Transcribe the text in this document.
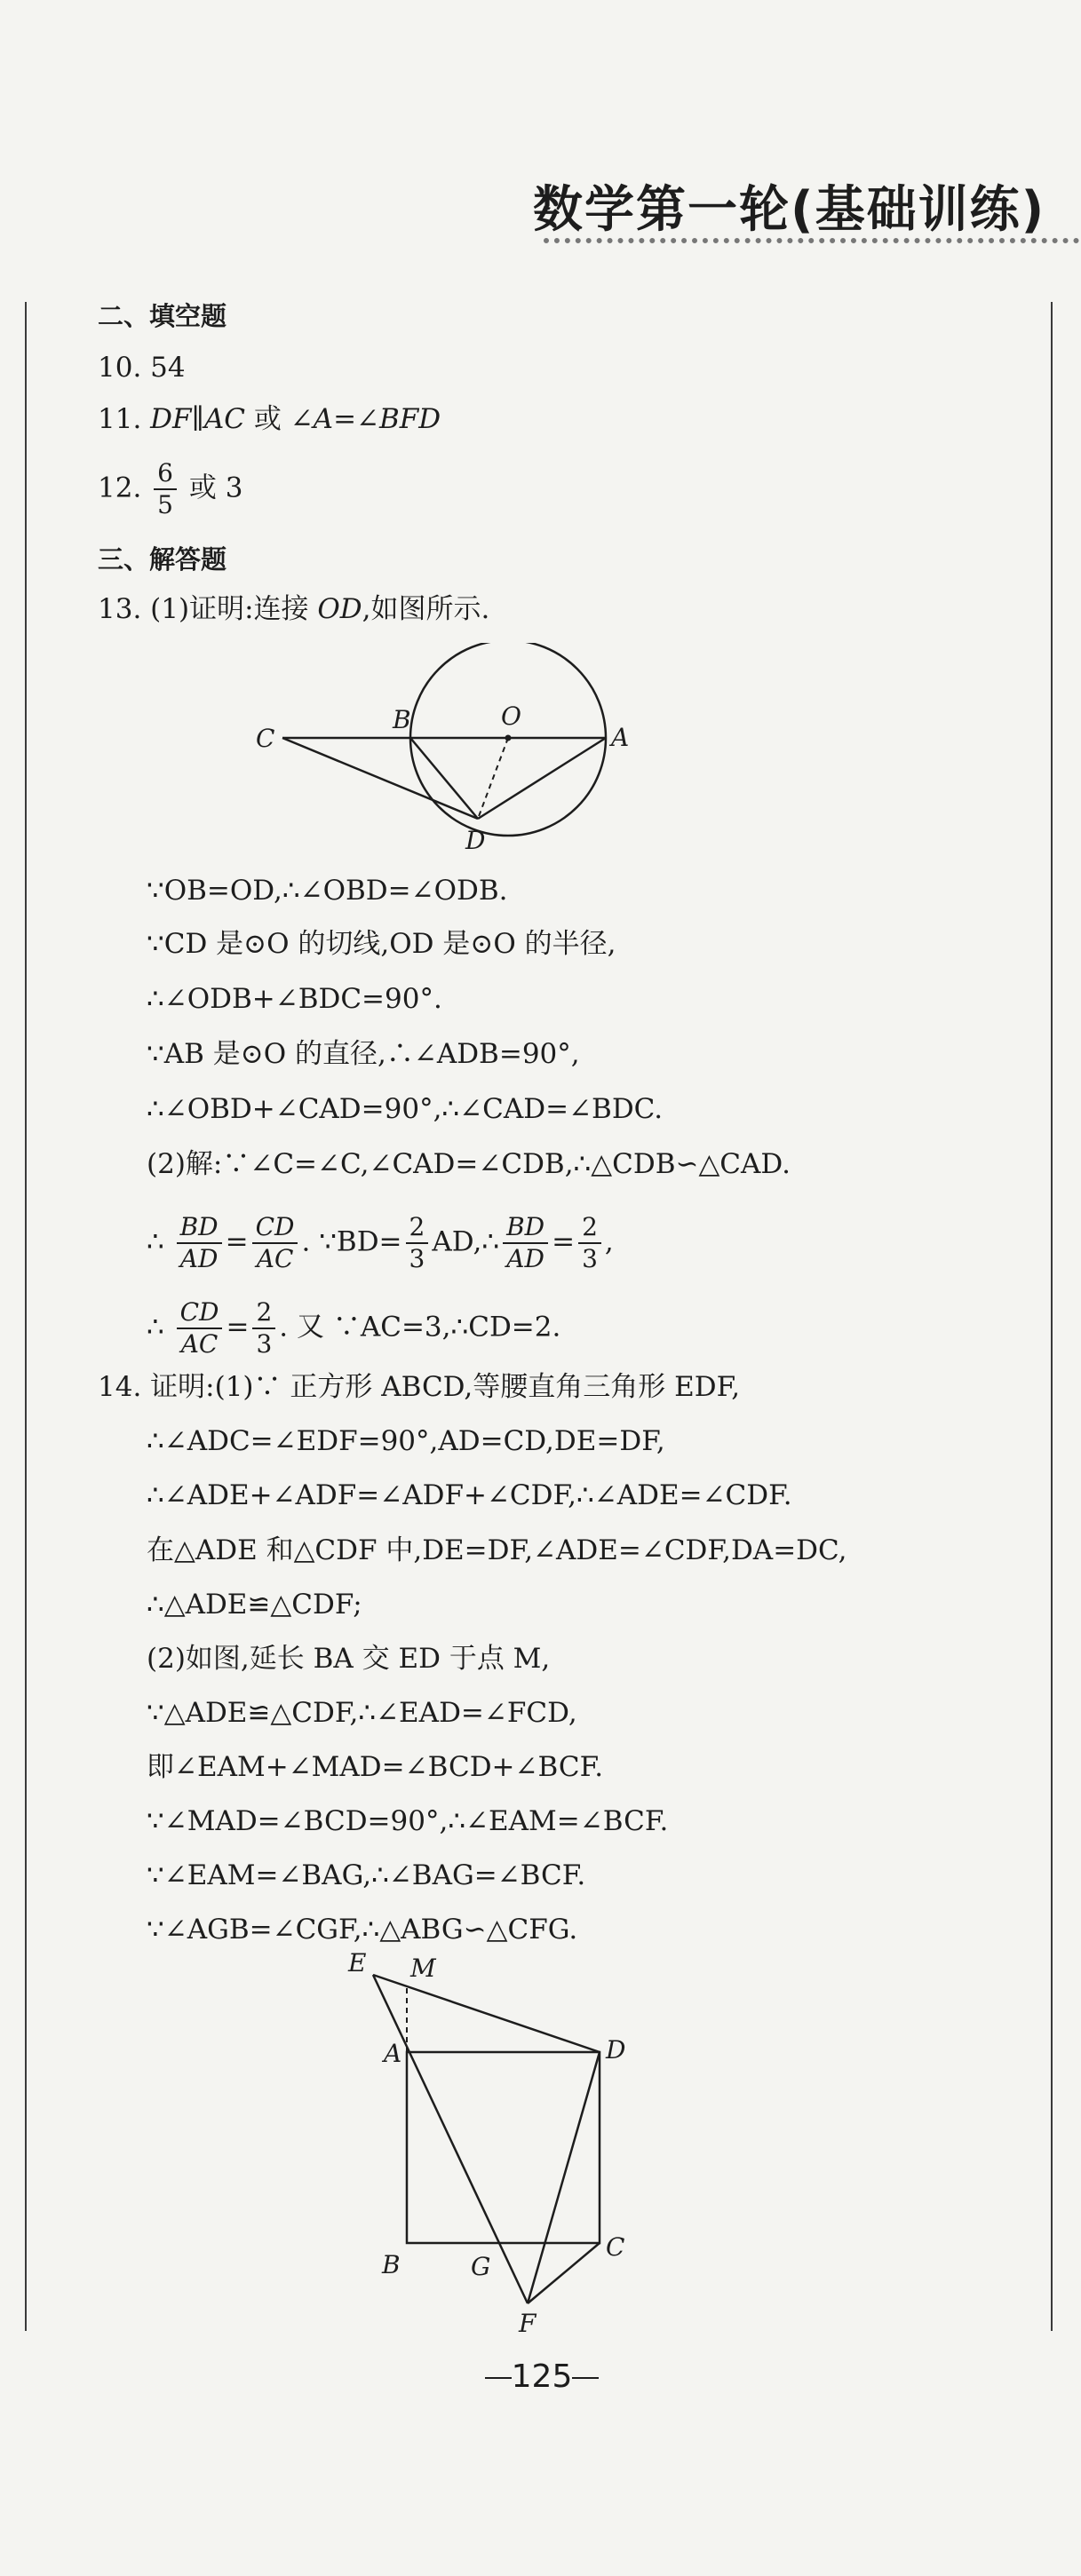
数学第一轮(基础训练)
二、填空题
10. 54
11. DF∥AC 或 ∠A=∠BFD
12. $\frac{6}{5}$ 或 3
三、解答题
13. (1)证明:连接 OD,如图所示.
C
B	O
A
D
∵OB=OD,∴∠OBD=∠ODB.
∵CD 是⊙O 的切线,OD 是⊙O 的半径,
∴∠ODB+∠BDC=90°.
∵AB 是⊙O 的直径,∴∠ADB=90°,
∴∠OBD+∠CAD=90°,∴∠CAD=∠BDC.
(2)解:∵∠C=∠C,∠CAD=∠CDB,∴△CDB∽△CAD.
∴ $\frac{BD}{AD} = \frac{CD}{AC}$ . ∵BD= $\frac{2}{3}$ AD,∴ $\frac{BD}{AD} = \frac{2}{3}$ ,
∴ $\frac{CD}{AC} = \frac{2}{3}$ . 又 ∵AC=3,∴CD=2.
14. 证明:(1)∵ 正方形 ABCD,等腰直角三角形 EDF,
∴∠ADC=∠EDF=90°,AD=CD,DE=DF,
∴∠ADE+∠ADF=∠ADF+∠CDF,∴∠ADE=∠CDF.
在△ADE 和△CDF 中,DE=DF,∠ADE=∠CDF,DA=DC,
∴△ADE≌△CDF;
(2)如图,延长 BA 交 ED 于点 M,
∵△ADE≌△CDF,∴∠EAD=∠FCD,
即∠EAM+∠MAD=∠BCD+∠BCF.
∵∠MAD=∠BCD=90°,∴∠EAM=∠BCF.
∵∠EAM=∠BAG,∴∠BAG=∠BCF.
∵∠AGB=∠CGF,∴△ABG∽△CFG.
E M
A	D
B	G
C
F
125
